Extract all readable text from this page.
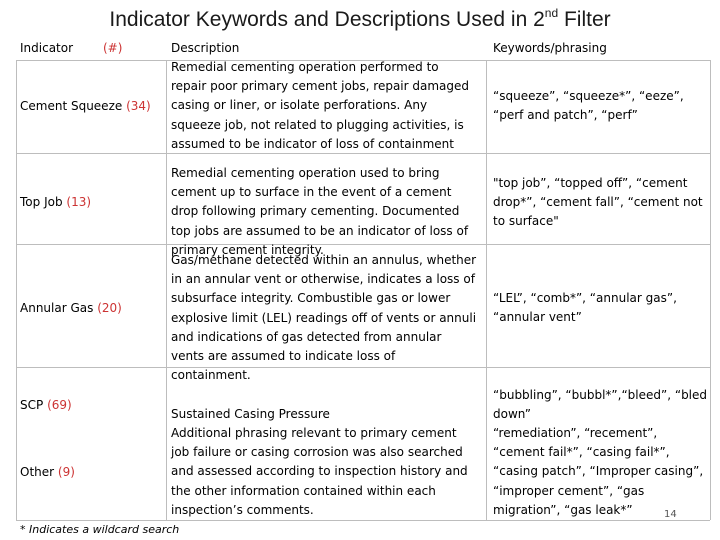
Indicator Keywords and Descriptions Used in 2nd Filter
Indicator (#)	Description	Keywords/phrasing
Cement Squeeze (34)
Remedial cementing operation performed to repair poor primary cement jobs, repair damaged casing or liner, or isolate perforations. Any squeeze job, not related to plugging activities, is assumed to be indicator of loss of containment
“squeeze”, “squeeze*”, “eeze”, “perf and patch”, “perf”
Top Job (13)
Remedial cementing operation used to bring cement up to surface in the event of a cement drop following primary cementing. Documented top jobs are assumed to be an indicator of loss of primary cement integrity.
"top job”, “topped off”, “cement drop*”, “cement fall”, “cement not to surface"
Annular Gas (20)
Gas/methane detected within an annulus, whether in an annular vent or otherwise, indicates a loss of subsurface integrity. Combustible gas or lower explosive limit (LEL) readings off of vents or annuli and indications of gas detected from annular vents are assumed to indicate loss of containment.
“LEL”, “comb*”, “annular gas”, “annular vent”
SCP (69)
Sustained Casing Pressure
“bubbling”, “bubbl*”,“bleed”, “bled down”
Other (9)
Additional phrasing relevant to primary cement job failure or casing corrosion was also searched and assessed according to inspection history and the other information contained within each inspection’s comments.
“remediation”, “recement”, “cement fail*”, “casing fail*”, “casing patch”, “Improper casing”, “improper cement”, “gas migration”, “gas leak*”
* Indicates a wildcard search
14
